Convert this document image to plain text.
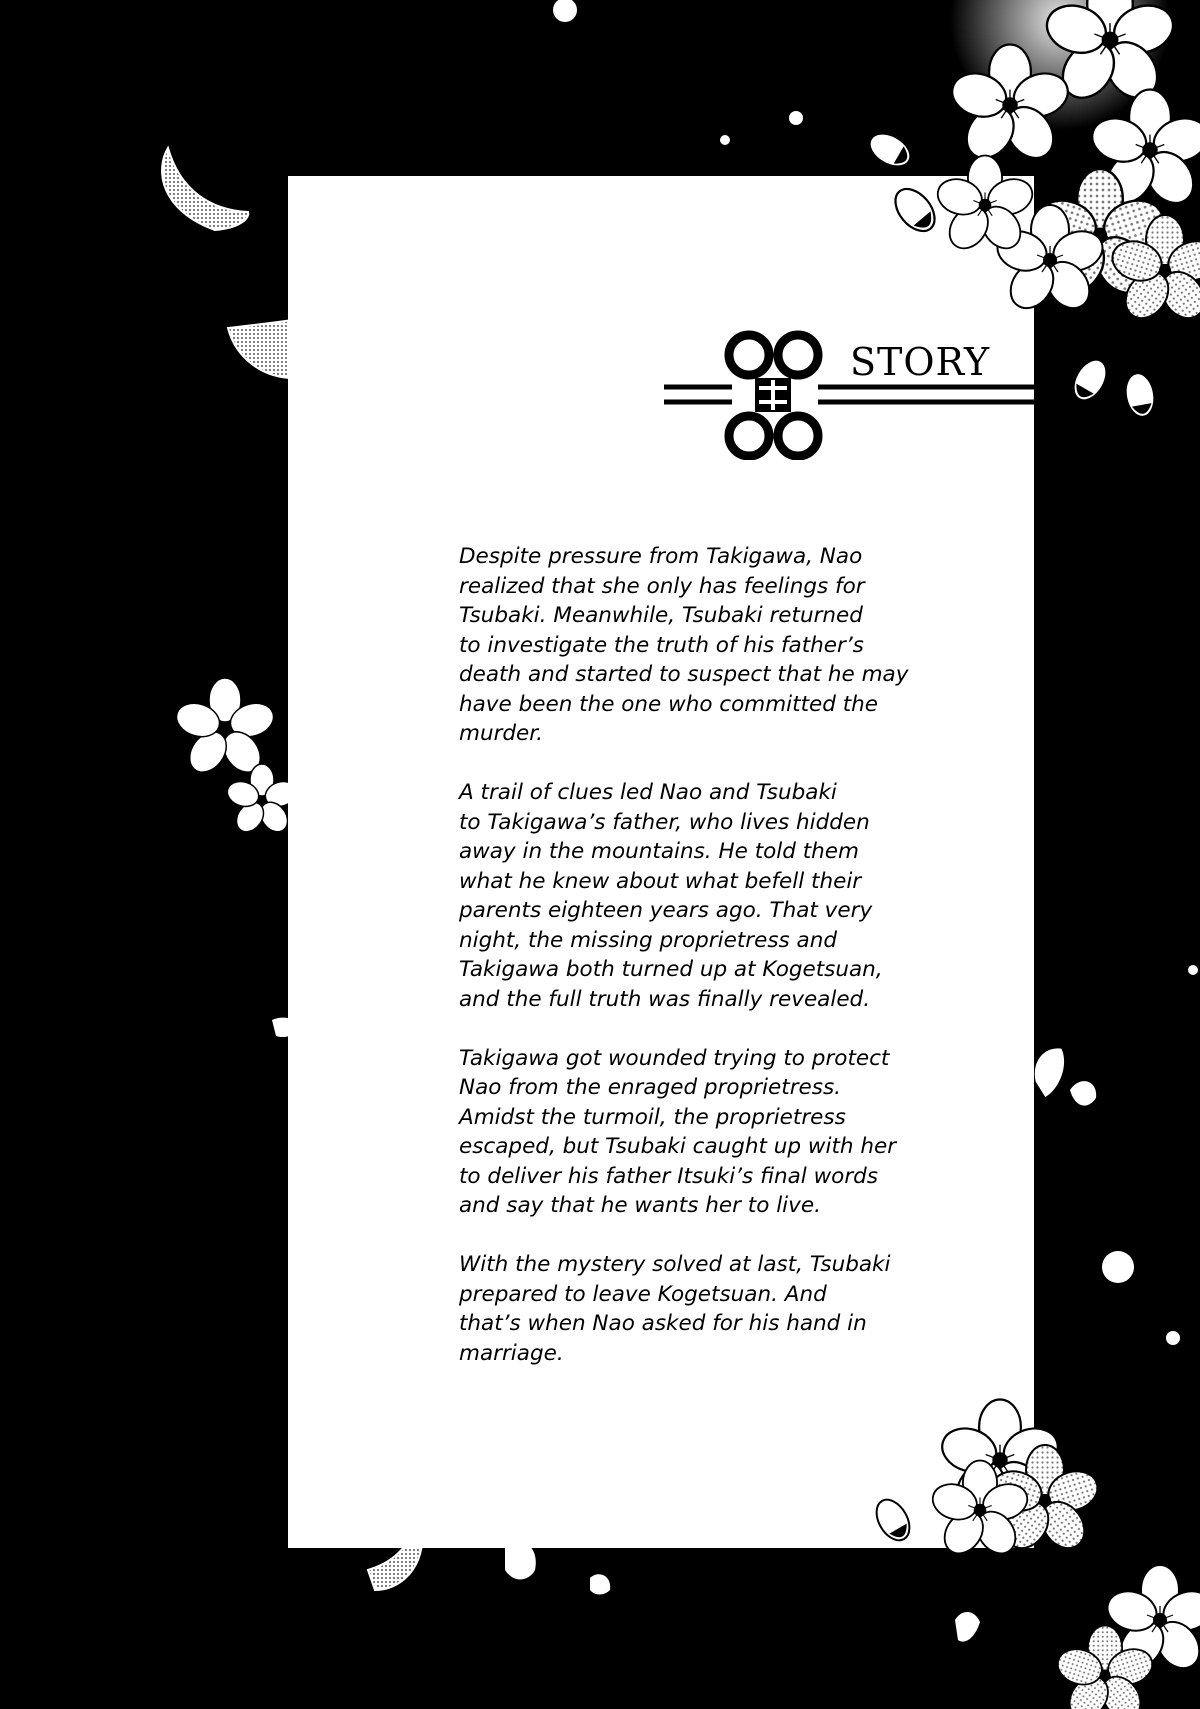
STORY

Despite pressure from Takigawa, Nao
realized that she only has feelings for
Tsubaki. Meanwhile, Tsubaki returned
to investigate the truth of his father’s
death and started to suspect that he may
have been the one who committed the
murder.

A trail of clues led Nao and Tsubaki
to Takigawa’s father, who lives hidden
away in the mountains. He told them
what he knew about what befell their
parents eighteen years ago. That very
night, the missing proprietress and
Takigawa both turned up at Kogetsuan,
and the full truth was finally revealed.

Takigawa got wounded trying to protect
Nao from the enraged proprietress.
Amidst the turmoil, the proprietress
escaped, but Tsubaki caught up with her
to deliver his father Itsuki’s final words
and say that he wants her to live.

With the mystery solved at last, Tsubaki
prepared to leave Kogetsuan. And
that’s when Nao asked for his hand in
marriage.
